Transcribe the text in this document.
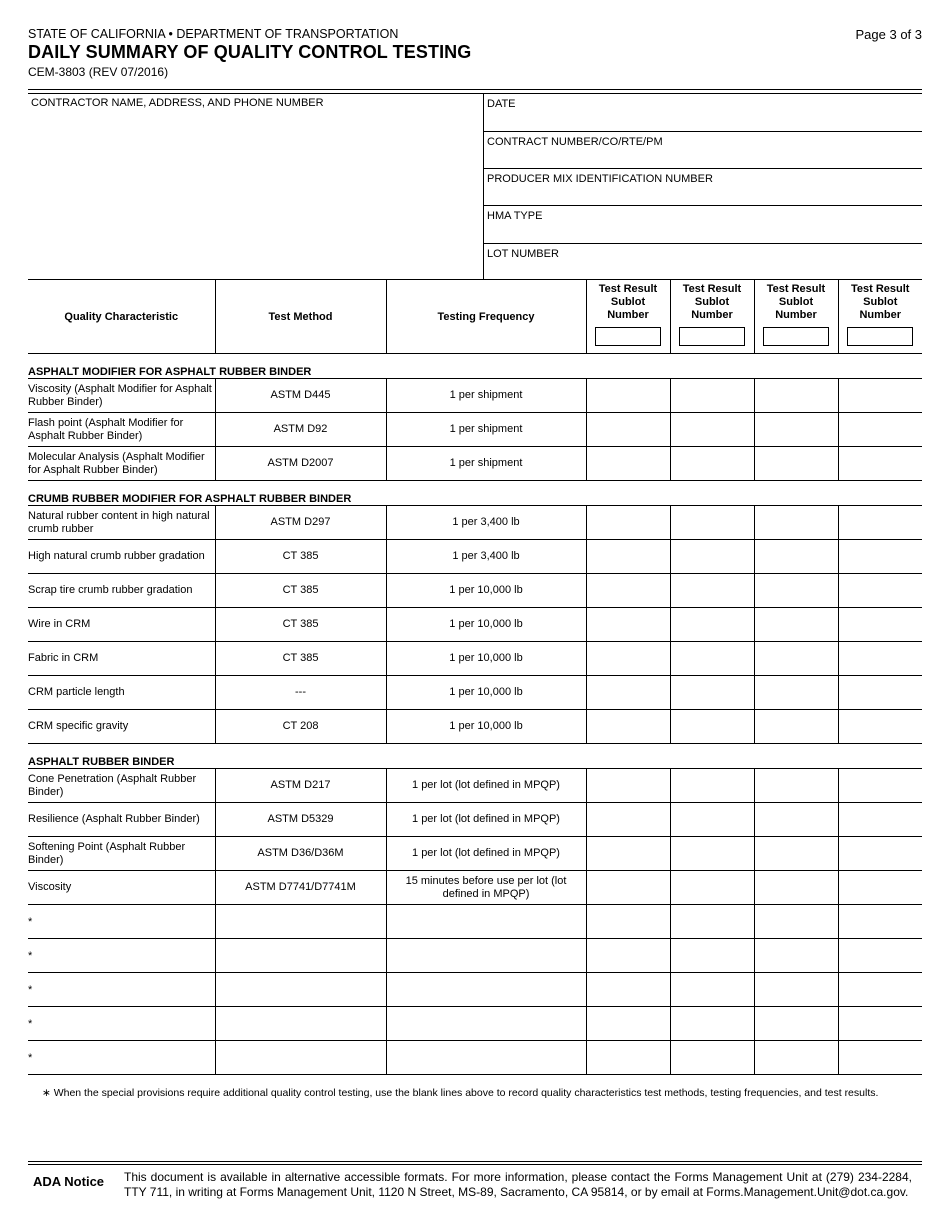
STATE OF CALIFORNIA • DEPARTMENT OF TRANSPORTATION
DAILY SUMMARY OF QUALITY CONTROL TESTING
CEM-3803 (REV 07/2016)
Page 3 of 3
CONTRACTOR NAME, ADDRESS, AND PHONE NUMBER	DATE
CONTRACT NUMBER/CO/RTE/PM
PRODUCER MIX IDENTIFICATION NUMBER
HMA TYPE
LOT NUMBER
Quality Characteristic	Test Method	Testing Frequency	Test Result
Sublot
Number	Test Result
Sublot
Number	Test Result
Sublot
Number	Test Result
Sublot
Number

ASPHALT MODIFIER FOR ASPHALT RUBBER BINDER						
Viscosity (Asphalt Modifier for Asphalt Rubber Binder)	ASTM D445	1 per shipment				
Flash point (Asphalt Modifier for Asphalt Rubber Binder)	ASTM D92	1 per shipment				
Molecular Analysis (Asphalt Modifier for Asphalt Rubber Binder)	ASTM D2007	1 per shipment				
CRUMB RUBBER MODIFIER FOR ASPHALT RUBBER BINDER						
Natural rubber content in high natural crumb rubber	ASTM D297	1 per 3,400 lb				
High natural crumb rubber gradation	CT 385	1 per 3,400 lb				
Scrap tire crumb rubber gradation	CT 385	1 per 10,000 lb				
Wire in CRM	CT 385	1 per 10,000 lb				
Fabric in CRM	CT 385	1 per 10,000 lb				
CRM particle length	---	1 per 10,000 lb				
CRM specific gravity	CT 208	1 per 10,000 lb				
ASPHALT RUBBER BINDER						
Cone Penetration (Asphalt Rubber Binder)	ASTM D217	1 per lot (lot defined in MPQP)				
Resilience (Asphalt Rubber Binder)	ASTM D5329	1 per lot (lot defined in MPQP)				
Softening Point (Asphalt Rubber Binder)	ASTM D36/D36M	1 per lot (lot defined in MPQP)				
Viscosity	ASTM D7741/D7741M	15 minutes before use per lot (lot defined in MPQP)				
*						
*						
*						
*						
*						
∗ When the special provisions require additional quality control testing, use the blank lines above to record quality characteristics test methods, testing frequencies, and test results.
ADA Notice This document is available in alternative accessible formats. For more information, please contact the Forms Management Unit at (279) 234-2284, TTY 711, in writing at Forms Management Unit, 1120 N Street, MS-89, Sacramento, CA 95814, or by email at Forms.Management.Unit@dot.ca.gov.
